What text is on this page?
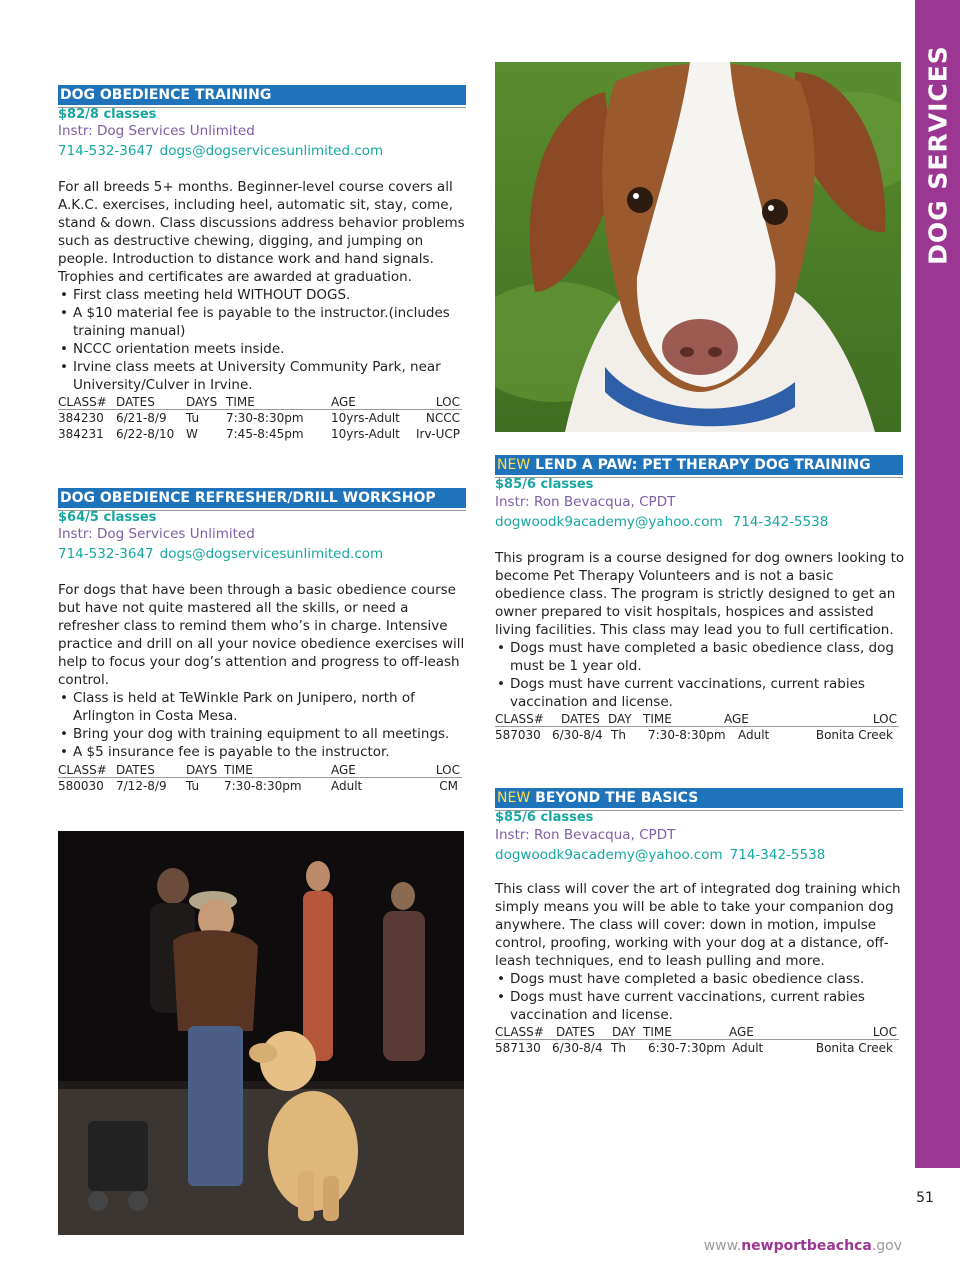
DOG SERVICES
DOG OBEDIENCE TRAINING
$82/8 classes
Instr: Dog Services Unlimited
714-532-3647 dogs@dogservicesunlimited.com

For all breeds 5+ months. Beginner-level course covers all A.K.C. exercises, including heel, automatic sit, stay, come, stand & down. Class discussions address behavior problems such as destructive chewing, digging, and jumping on people. Introduction to distance work and hand signals. Trophies and certificates are awarded at graduation.

• First class meeting held WITHOUT DOGS.
• A $10 material fee is payable to the instructor.(includes training manual)
• NCCC orientation meets inside.
• Irvine class meets at University Community Park, near University/Culver in Irvine.
CLASS# DATES	DAYS TIME	AGE	LOC
384230 6/21-8/9 Tu 7:30-8:30pm 10yrs-Adult NCCC
384231 6/22-8/10 W 7:45-8:45pm 10yrs-Adult Irv-UCP
DOG OBEDIENCE REFRESHER/DRILL WORKSHOP
$64/5 classes
Instr: Dog Services Unlimited
714-532-3647 dogs@dogservicesunlimited.com

For dogs that have been through a basic obedience course but have not quite mastered all the skills, or need a refresher class to remind them who’s in charge. Intensive practice and drill on all your novice obedience exercises will help to focus your dog’s attention and progress to off-leash control.

• Class is held at TeWinkle Park on Junipero, north of Arlington in Costa Mesa.
• Bring your dog with training equipment to all meetings.
• A $5 insurance fee is payable to the instructor.
CLASS# DATES	DAYS TIME	AGE	LOC
580030 7/12-8/9 Tu 7:30-8:30pm Adult	CM
NEW LEND A PAW: PET THERAPY DOG TRAINING
$85/6 classes
Instr: Ron Bevacqua, CPDT
dogwoodk9academy@yahoo.com 714-342-5538

This program is a course designed for dog owners looking to become Pet Therapy Volunteers and is not a basic obedience class. The program is strictly designed to get an owner prepared to visit hospitals, hospices and assisted living facilities. This class may lead you to full certification.

• Dogs must have completed a basic obedience class, dog must be 1 year old.
• Dogs must have current vaccinations, current rabies vaccination and license.
CLASS# DATES DAY TIME	AGE	LOC
587030 6/30-8/4 Th 7:30-8:30pm Adult	Bonita Creek
NEW BEYOND THE BASICS
$85/6 classes
Instr: Ron Bevacqua, CPDT
dogwoodk9academy@yahoo.com 714-342-5538

This class will cover the art of integrated dog training which simply means you will be able to take your companion dog anywhere. The class will cover: down in motion, impulse control, proofing, working with your dog at a distance, off-leash techniques, end to leash pulling and more.

• Dogs must have completed a basic obedience class.
• Dogs must have current vaccinations, current rabies vaccination and license.
CLASS# DATES DAY TIME	AGE	LOC
587130 6/30-8/4 Th 6:30-7:30pm Adult	Bonita Creek
51
www.newportbeachca.gov
